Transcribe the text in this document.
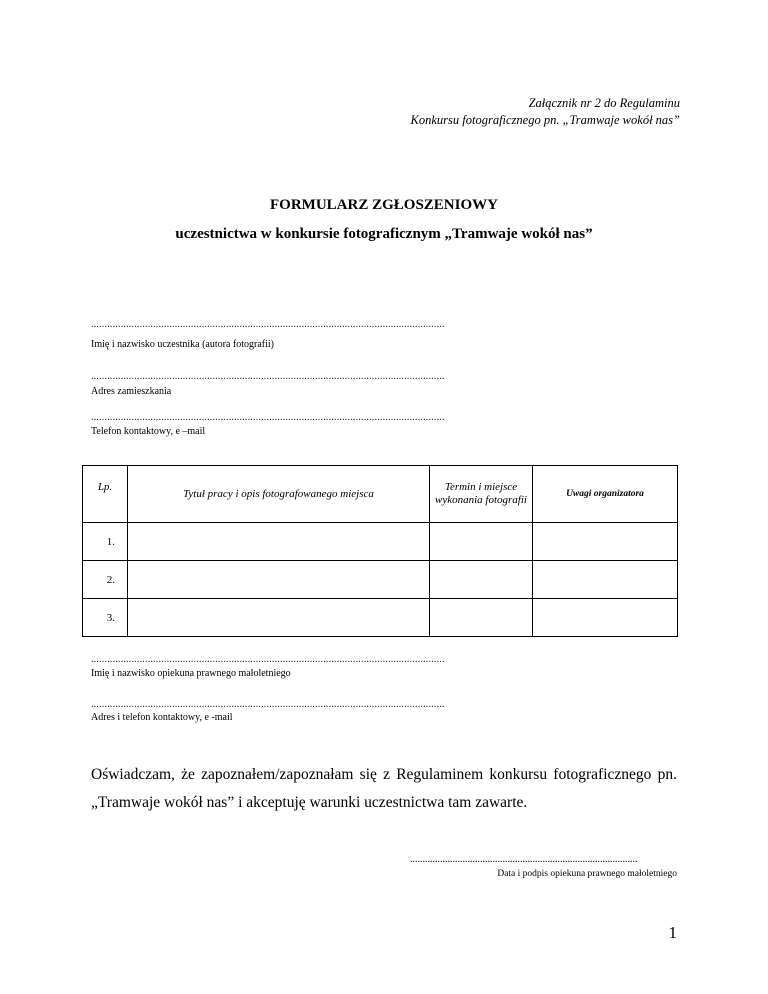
Załącznik nr 2 do Regulaminu
Konkursu fotograficznego pn. „Tramwaje wokół nas”
FORMULARZ ZGŁOSZENIOWY
uczestnictwa w konkursie fotograficznym „Tramwaje wokół nas”
...................................................................................................................................
Imię i nazwisko uczestnika (autora fotografii)
...................................................................................................................................
Adres zamieszkania
...................................................................................................................................
Telefon kontaktowy, e –mail
Lp.	Tytuł pracy i opis fotografowanego miejsca	Termin i miejsce wykonania fotografii	Uwagi organizatora
1.			
2.			
3.			
...................................................................................................................................
Imię i nazwisko opiekuna prawnego małoletniego
...................................................................................................................................
Adres i telefon kontaktowy, e -mail
Oświadczam, że zapoznałem/zapoznałam się z Regulaminem konkursu fotograficznego pn. „Tramwaje wokół nas” i akceptuję warunki uczestnictwa tam zawarte.
...........................................................................................
Data i podpis opiekuna prawnego małoletniego
1
